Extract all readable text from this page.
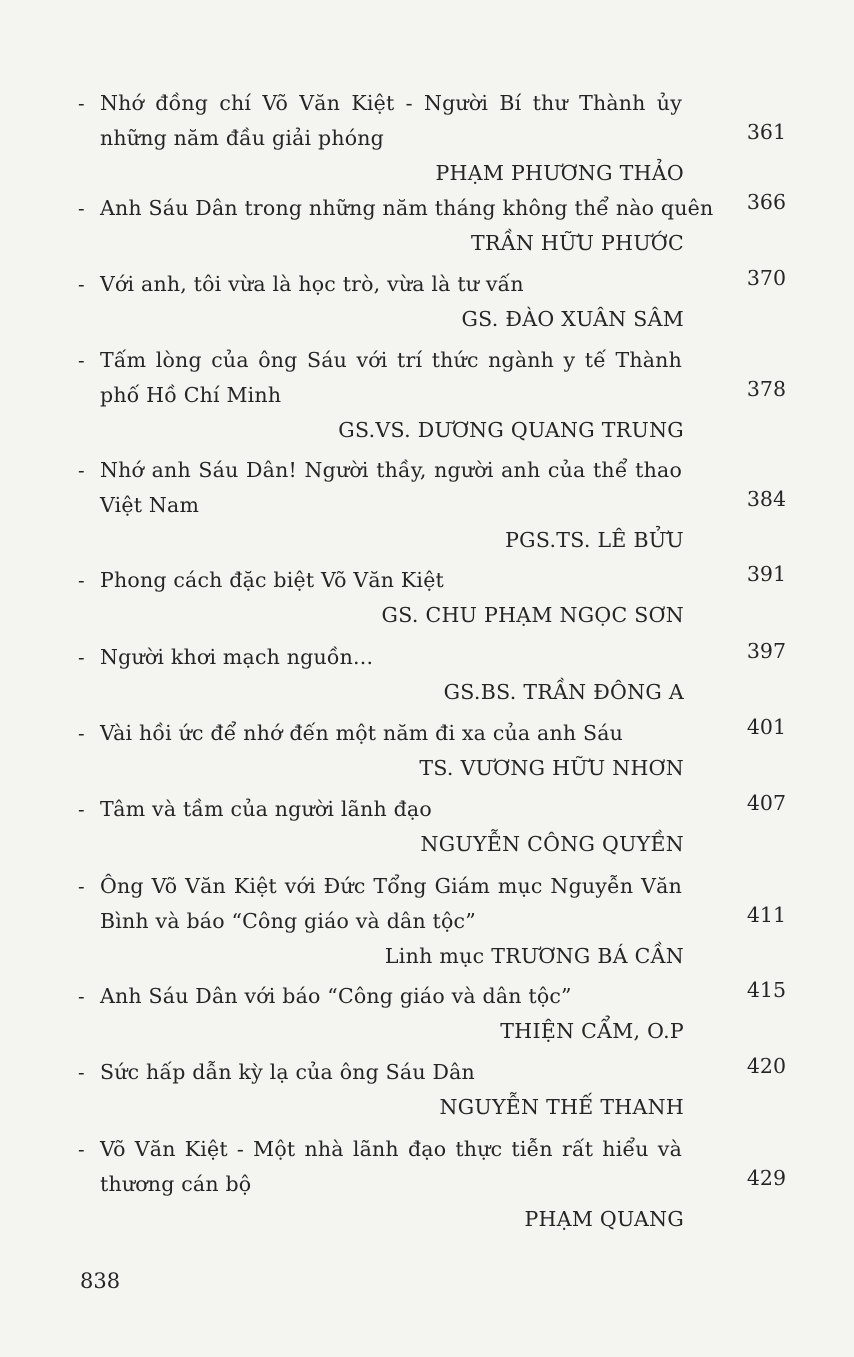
- Nhớ đồng chí Võ Văn Kiệt - Người Bí thư Thành ủy
những năm đầu giải phóng	361
PHẠM PHƯƠNG THẢO
- Anh Sáu Dân trong những năm tháng không thể nào quên	366
TRẦN HỮU PHƯỚC
- Với anh, tôi vừa là học trò, vừa là tư vấn	370
GS. ĐÀO XUÂN SÂM
- Tấm lòng của ông Sáu với trí thức ngành y tế Thành
phố Hồ Chí Minh	378
GS.VS. DƯƠNG QUANG TRUNG
- Nhớ anh Sáu Dân! Người thầy, người anh của thể thao
Việt Nam	384
PGS.TS. LÊ BỬU
- Phong cách đặc biệt Võ Văn Kiệt	391
GS. CHU PHẠM NGỌC SƠN
- Người khơi mạch nguồn...	397
GS.BS. TRẦN ĐÔNG A
- Vài hồi ức để nhớ đến một năm đi xa của anh Sáu	401
TS. VƯƠNG HỮU NHƠN
- Tâm và tầm của người lãnh đạo	407
NGUYỄN CÔNG QUYỀN
- Ông Võ Văn Kiệt với Đức Tổng Giám mục Nguyễn Văn
Bình và báo “Công giáo và dân tộc”	411
Linh mục TRƯƠNG BÁ CẦN
- Anh Sáu Dân với báo “Công giáo và dân tộc”	415
THIỆN CẨM, O.P
- Sức hấp dẫn kỳ lạ của ông Sáu Dân	420
NGUYỄN THẾ THANH
- Võ Văn Kiệt - Một nhà lãnh đạo thực tiễn rất hiểu và
thương cán bộ	429
PHẠM QUANG
838
